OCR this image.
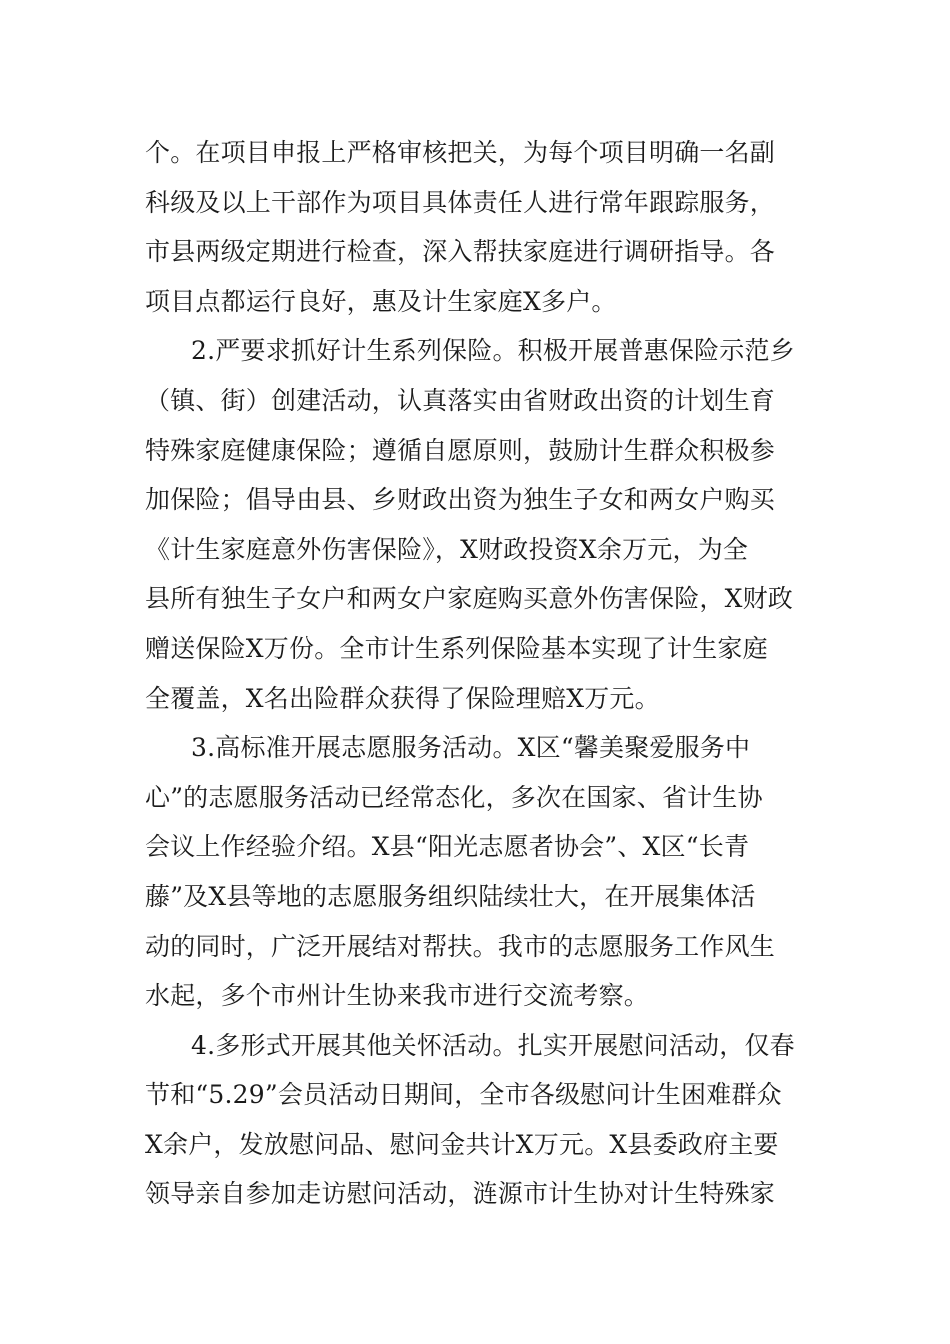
个。在项目申报上严格审核把关，为每个项目明确一名副
科级及以上干部作为项目具体责任人进行常年跟踪服务，
市县两级定期进行检查，深入帮扶家庭进行调研指导。各
项目点都运行良好，惠及计生家庭X多户。
2.严要求抓好计生系列保险。积极开展普惠保险示范乡
（镇、街）创建活动，认真落实由省财政出资的计划生育
特殊家庭健康保险；遵循自愿原则，鼓励计生群众积极参
加保险；倡导由县、乡财政出资为独生子女和两女户购买
《计生家庭意外伤害保险》，X财政投资X余万元，为全
县所有独生子女户和两女户家庭购买意外伤害保险，X财政
赠送保险X万份。全市计生系列保险基本实现了计生家庭
全覆盖，X名出险群众获得了保险理赔X万元。
3.高标准开展志愿服务活动。X区“馨美聚爱服务中
心”的志愿服务活动已经常态化，多次在国家、省计生协
会议上作经验介绍。X县“阳光志愿者协会”、X区“长青
藤”及X县等地的志愿服务组织陆续壮大，在开展集体活
动的同时，广泛开展结对帮扶。我市的志愿服务工作风生
水起，多个市州计生协来我市进行交流考察。
4.多形式开展其他关怀活动。扎实开展慰问活动，仅春
节和“5.29”会员活动日期间，全市各级慰问计生困难群众
X余户，发放慰问品、慰问金共计X万元。X县委政府主要
领导亲自参加走访慰问活动，涟源市计生协对计生特殊家
